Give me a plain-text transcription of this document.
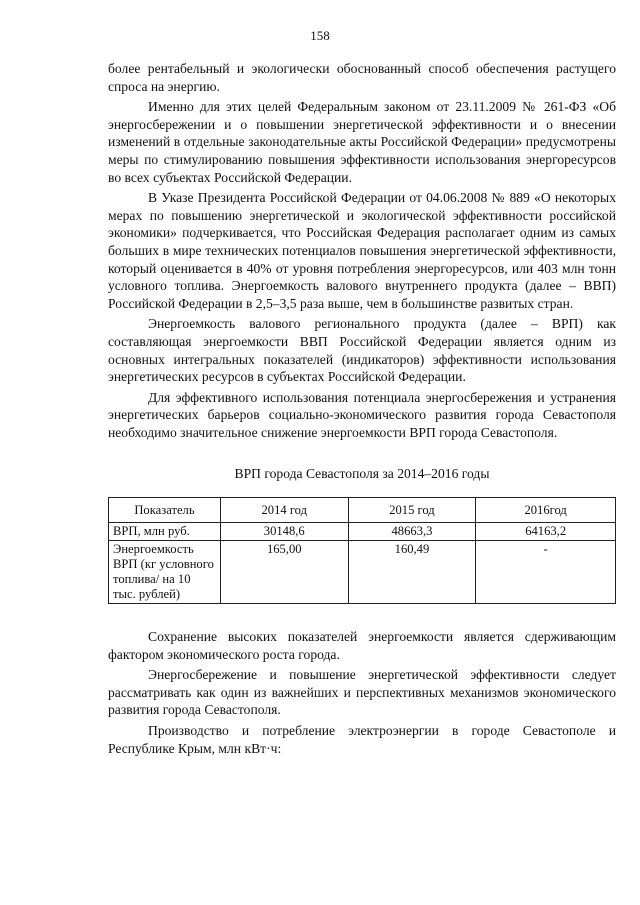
158

более рентабельный и экологически обоснованный способ обеспечения растущего спроса на энергию.

Именно для этих целей Федеральным законом от 23.11.2009 № 261-ФЗ «Об энергосбережении и о повышении энергетической эффективности и о внесении изменений в отдельные законодательные акты Российской Федерации» предусмотрены меры по стимулированию повышения эффективности использования энергоресурсов во всех субъектах Российской Федерации.

В Указе Президента Российской Федерации от 04.06.2008 № 889 «О некоторых мерах по повышению энергетической и экологической эффективности российской экономики» подчеркивается, что Российская Федерация располагает одним из самых больших в мире технических потенциалов повышения энергетической эффективности, который оценивается в 40% от уровня потребления энергоресурсов, или 403 млн тонн условного топлива. Энергоемкость валового внутреннего продукта (далее – ВВП) Российской Федерации в 2,5–3,5 раза выше, чем в большинстве развитых стран.

Энергоемкость валового регионального продукта (далее – ВРП) как составляющая энергоемкости ВВП Российской Федерации является одним из основных интегральных показателей (индикаторов) эффективности использования энергетических ресурсов в субъектах Российской Федерации.

Для эффективного использования потенциала энергосбережения и устранения энергетических барьеров социально-экономического развития города Севастополя необходимо значительное снижение энергоемкости ВРП города Севастополя.

ВРП города Севастополя за 2014–2016 годы
Показатель	2014 год	2015 год	2016год
ВРП, млн руб.	30148,6	48663,3	64163,2
Энергоемкость ВРП (кг условного топлива/ на 10 тыс. рублей)	165,00	160,49	-

Сохранение высоких показателей энергоемкости является сдерживающим фактором экономического роста города.

Энергосбережение и повышение энергетической эффективности следует рассматривать как один из важнейших и перспективных механизмов экономического развития города Севастополя.

Производство и потребление электроэнергии в городе Севастополе и Республике Крым, млн кВт·ч:
